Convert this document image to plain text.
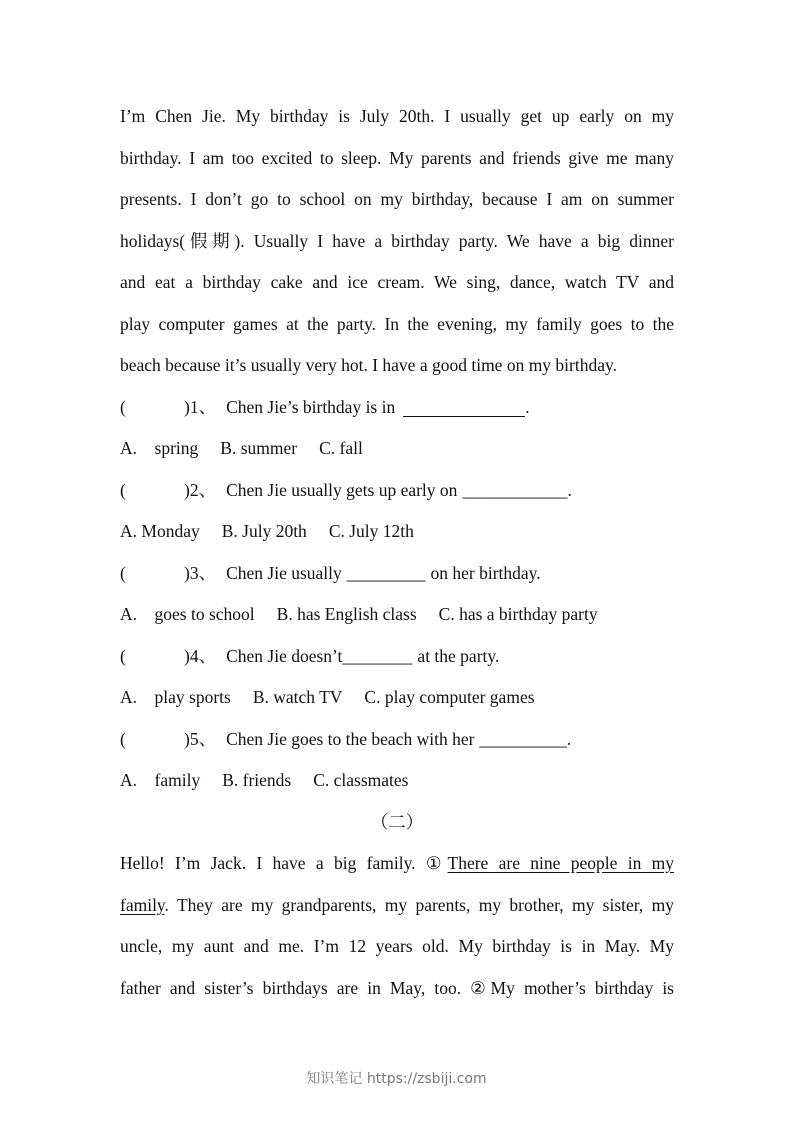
I’m Chen Jie. My birthday is July 20th. I usually get up early on my
birthday. I am too excited to sleep. My parents and friends give me many
presents. I don’t go to school on my birthday, because I am on summer
holidays(假期). Usually I have a birthday party. We have a big dinner
and eat a birthday cake and ice cream. We sing, dance, watch TV and
play computer games at the party. In the evening, my family goes to the
beach because it’s usually very hot. I have a good time on my birthday.
(	)1、 Chen Jie’s birthday is in	.
A.    spring B. summer C. fall
(	)2、 Chen Jie usually gets up early on ____________ .
A. Monday B. July 20th C. July 12th
(	)3、 Chen Jie usually _________ on her birthday.
A.    goes to school B. has English class C. has a birthday party
(	)4、 Chen Jie doesn’t ________ at the party.
A.    play sports B. watch TV C. play computer games
(	)5、 Chen Jie goes to the beach with her __________ .
A.    family B. friends C. classmates
（二）
Hello! I’m Jack. I have a big family. ①There are nine people in my
family. They are my grandparents, my parents, my brother, my sister, my
uncle, my aunt and me. I’m 12 years old. My birthday is in May. My
father and sister’s birthdays are in May, too. ②My mother’s birthday is
知识笔记 https://zsbiji.com
